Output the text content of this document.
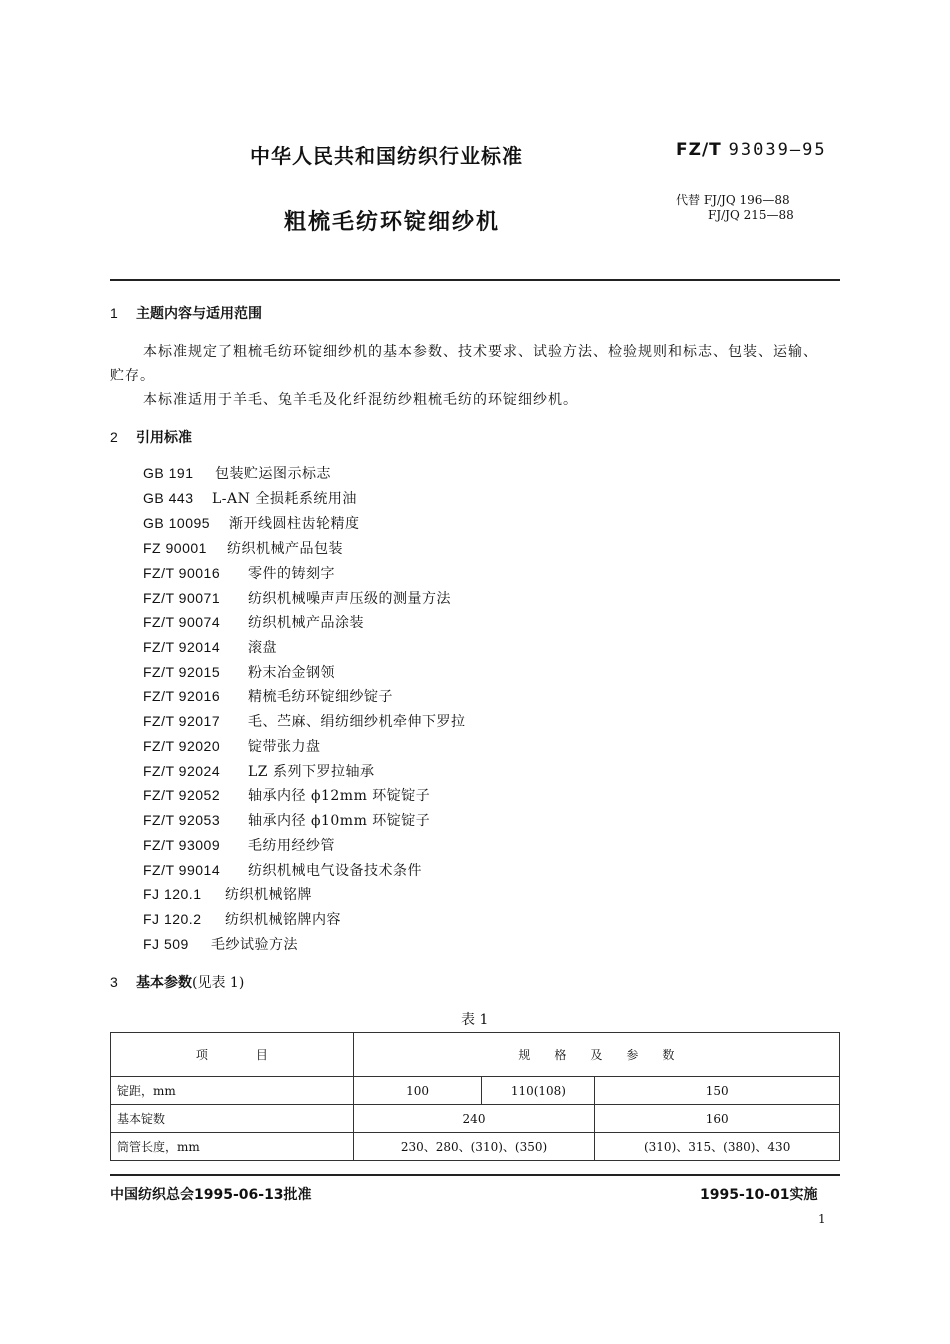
中华人民共和国纺织行业标准	FZ/T 93039—95
代替 FJ/JQ 196—88
FJ/JQ 215—88
粗梳毛纺环锭细纱机
1 主题内容与适用范围
本标准规定了粗梳毛纺环锭细纱机的基本参数、技术要求、试验方法、检验规则和标志、包装、运输、
贮存。
本标准适用于羊毛、兔羊毛及化纤混纺纱粗梳毛纺的环锭细纱机。
2 引用标准
GB 191 包装贮运图示标志
GB 443 L-AN 全损耗系统用油
GB 10095 渐开线圆柱齿轮精度
FZ 90001 纺织机械产品包装
FZ/T 90016 零件的铸刻字
FZ/T 90071 纺织机械噪声声压级的测量方法
FZ/T 90074 纺织机械产品涂装
FZ/T 92014 滚盘
FZ/T 92015 粉末冶金钢领
FZ/T 92016 精梳毛纺环锭细纱锭子
FZ/T 92017 毛、苎麻、绢纺细纱机牵伸下罗拉
FZ/T 92020 锭带张力盘
FZ/T 92024 LZ 系列下罗拉轴承
FZ/T 92052 轴承内径 ϕ12mm 环锭锭子
FZ/T 92053 轴承内径 ϕ10mm 环锭锭子
FZ/T 93009 毛纺用经纱管
FZ/T 99014 纺织机械电气设备技术条件
FJ 120.1 纺织机械铭牌
FJ 120.2 纺织机械铭牌内容
FJ 509 毛纱试验方法
3 基本参数(见表 1)
表 1
项　　　　目	规　　格　　及　　参　　数		
锭距，mm	100	110(108)	150
基本锭数	240		160
筒管长度，mm	230、280、(310)、(350)		(310)、315、(380)、430
中国纺织总会1995-06-13批准	1995-10-01实施
1
